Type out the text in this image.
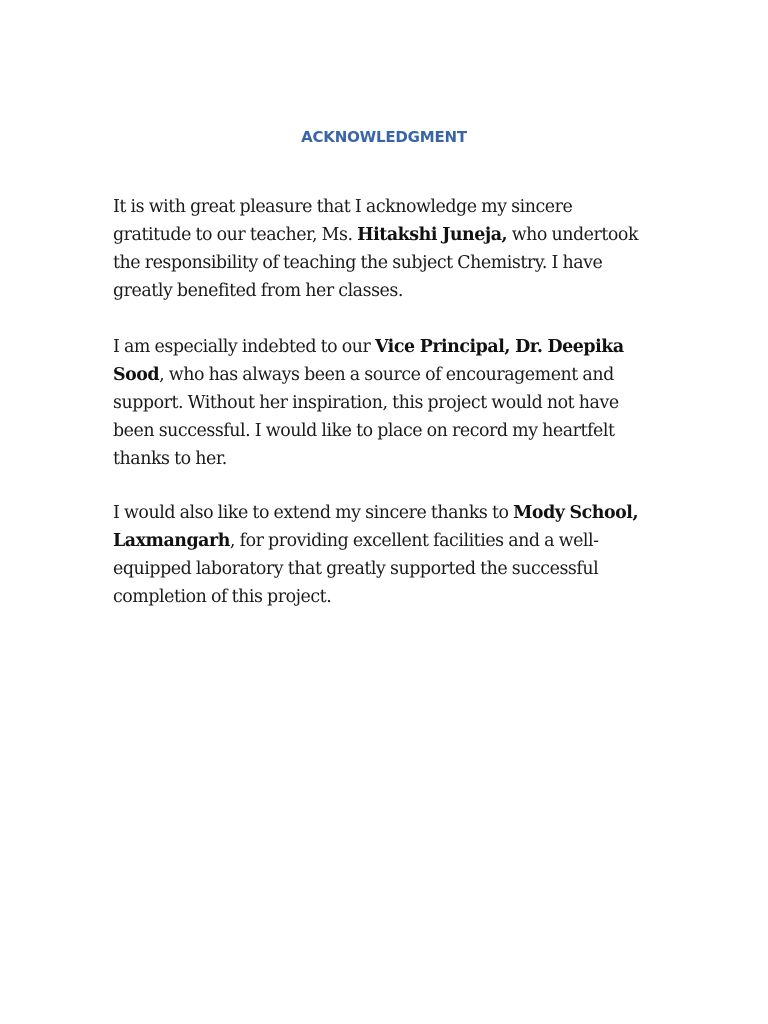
ACKNOWLEDGMENT

It is with great pleasure that I acknowledge my sincere
gratitude to our teacher, Ms. Hitakshi Juneja, who undertook
the responsibility of teaching the subject Chemistry. I have
greatly benefited from her classes.

I am especially indebted to our Vice Principal, Dr. Deepika
Sood, who has always been a source of encouragement and
support. Without her inspiration, this project would not have
been successful. I would like to place on record my heartfelt
thanks to her.

I would also like to extend my sincere thanks to Mody School,
Laxmangarh, for providing excellent facilities and a well-
equipped laboratory that greatly supported the successful
completion of this project.
